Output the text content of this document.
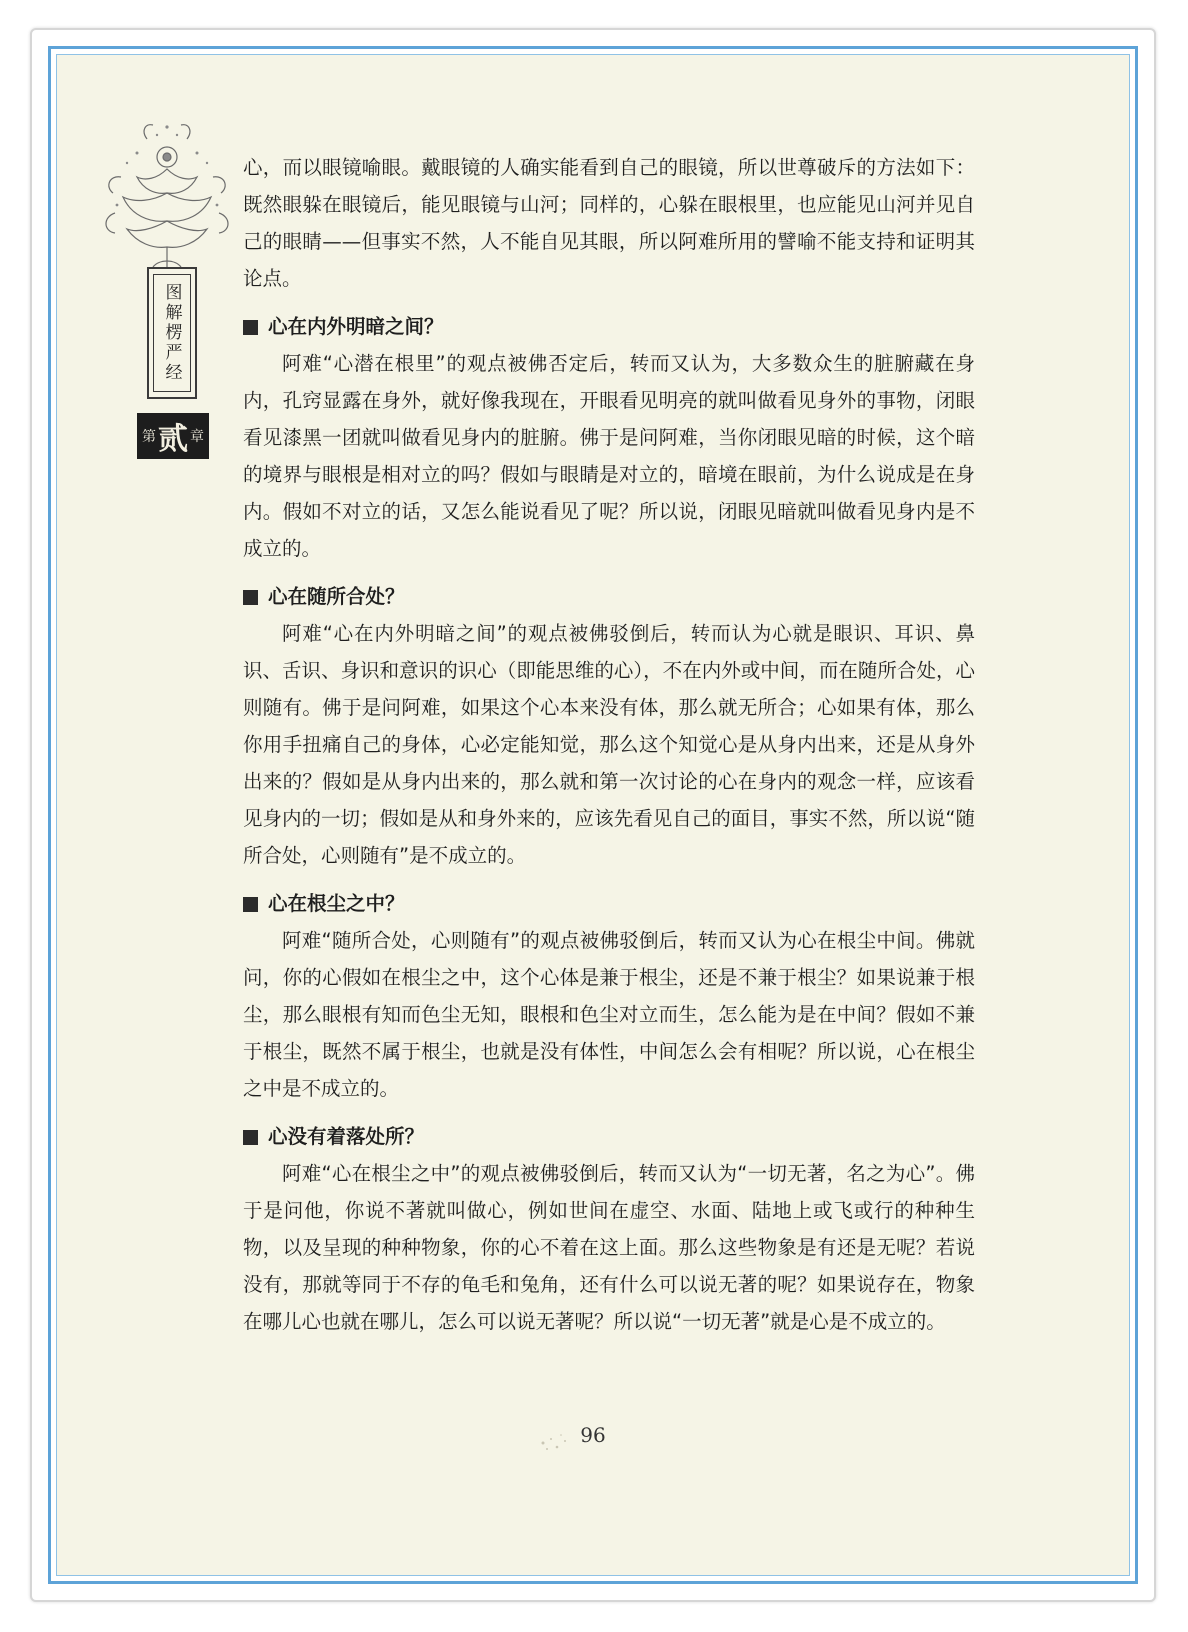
图解楞严经
第 贰 章

心，而以眼镜喻眼。戴眼镜的人确实能看到自己的眼镜，所以世尊破斥的方法如下：既然眼躲在眼镜后，能见眼镜与山河；同样的，心躲在眼根里，也应能见山河并见自己的眼睛——但事实不然，人不能自见其眼，所以阿难所用的譬喻不能支持和证明其论点。

心在内外明暗之间？

阿难“心潜在根里”的观点被佛否定后，转而又认为，大多数众生的脏腑藏在身内，孔窍显露在身外，就好像我现在，开眼看见明亮的就叫做看见身外的事物，闭眼看见漆黑一团就叫做看见身内的脏腑。佛于是问阿难，当你闭眼见暗的时候，这个暗的境界与眼根是相对立的吗？假如与眼睛是对立的，暗境在眼前，为什么说成是在身内。假如不对立的话，又怎么能说看见了呢？所以说，闭眼见暗就叫做看见身内是不成立的。

心在随所合处？

阿难“心在内外明暗之间”的观点被佛驳倒后，转而认为心就是眼识、耳识、鼻识、舌识、身识和意识的识心（即能思维的心），不在内外或中间，而在随所合处，心则随有。佛于是问阿难，如果这个心本来没有体，那么就无所合；心如果有体，那么你用手扭痛自己的身体，心必定能知觉，那么这个知觉心是从身内出来，还是从身外出来的？假如是从身内出来的，那么就和第一次讨论的心在身内的观念一样，应该看见身内的一切；假如是从和身外来的，应该先看见自己的面目，事实不然，所以说“随所合处，心则随有”是不成立的。

心在根尘之中？

阿难“随所合处，心则随有”的观点被佛驳倒后，转而又认为心在根尘中间。佛就问，你的心假如在根尘之中，这个心体是兼于根尘，还是不兼于根尘？如果说兼于根尘，那么眼根有知而色尘无知，眼根和色尘对立而生，怎么能为是在中间？假如不兼于根尘，既然不属于根尘，也就是没有体性，中间怎么会有相呢？所以说，心在根尘之中是不成立的。

心没有着落处所？

阿难“心在根尘之中”的观点被佛驳倒后，转而又认为“一切无著，名之为心”。佛于是问他，你说不著就叫做心，例如世间在虚空、水面、陆地上或飞或行的种种生物，以及呈现的种种物象，你的心不着在这上面。那么这些物象是有还是无呢？若说没有，那就等同于不存的龟毛和兔角，还有什么可以说无著的呢？如果说存在，物象在哪儿心也就在哪儿，怎么可以说无著呢？所以说“一切无著”就是心是不成立的。

96
